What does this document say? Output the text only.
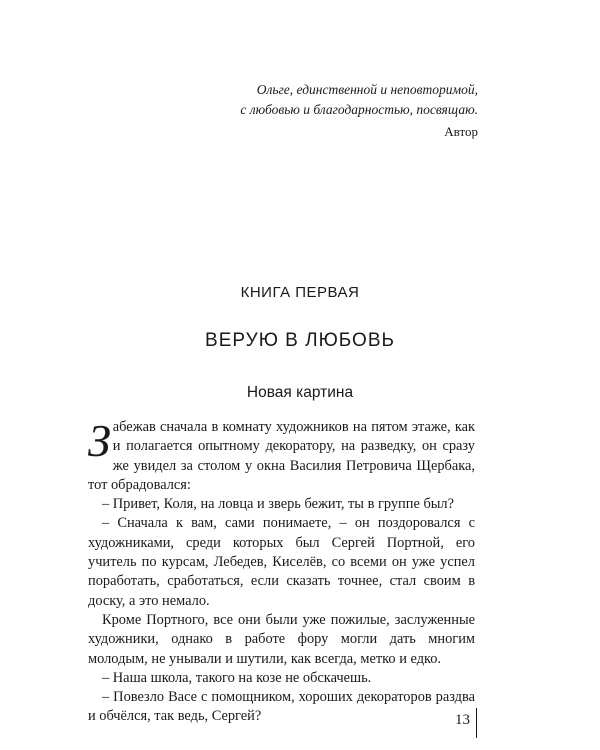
Ольге, единственной и неповторимой,
с любовью и благодарностью, посвящаю.
Автор
КНИГА ПЕРВАЯ
ВЕРУЮ В ЛЮБОВЬ
Новая картина

Забежав сначала в комнату художников на пятом этаже, как и полагается опытному декоратору, на разведку, он сразу же увидел за столом у окна Василия Петровича Щербака, тот обрадовался:

– Привет, Коля, на ловца и зверь бежит, ты в группе был?

– Сначала к вам, сами понимаете, – он поздоровался с художниками, среди которых был Сергей Портной, его учитель по курсам, Лебедев, Киселёв, со всеми он уже успел поработать, сработаться, если сказать точнее, стал своим в доску, а это немало.

Кроме Портного, все они были уже пожилые, заслуженные художники, однако в работе фору могли дать многим молодым, не унывали и шутили, как всегда, метко и едко.

– Наша школа, такого на козе не обскачешь.

– Повезло Васе с помощником, хороших декораторов раздва и обчёлся, так ведь, Сергей?	13
